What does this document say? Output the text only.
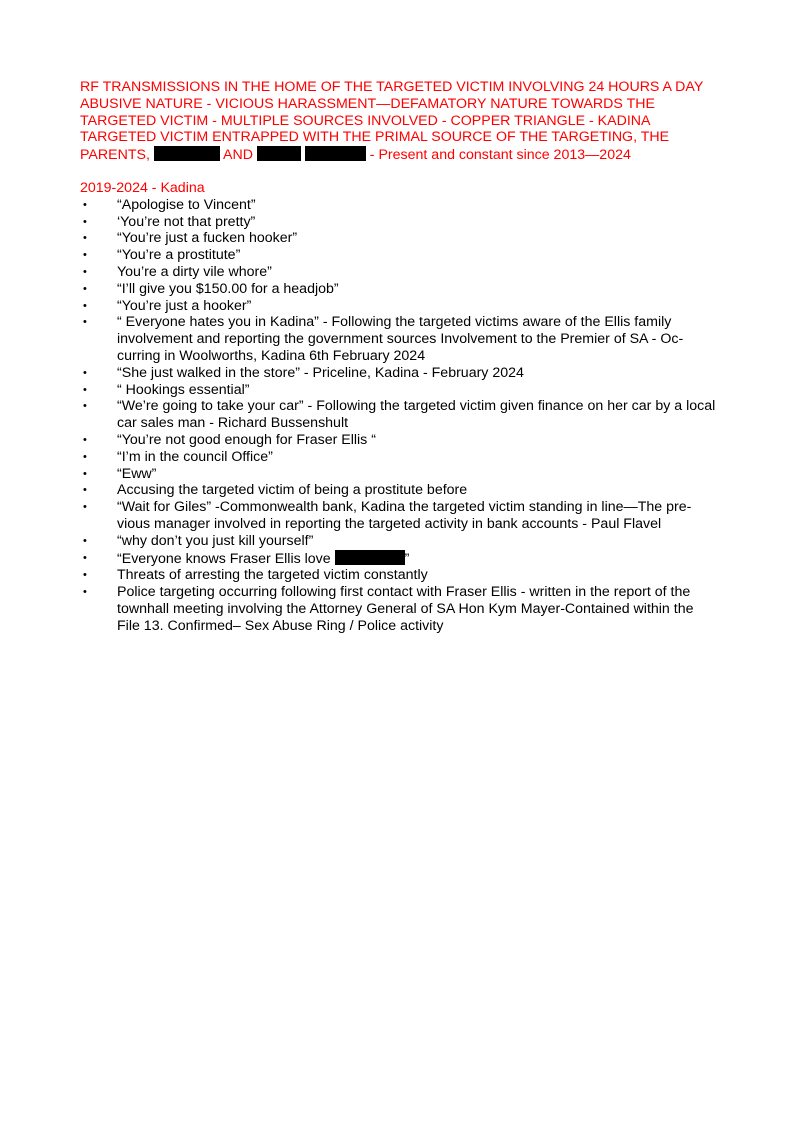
RF TRANSMISSIONS IN THE HOME OF THE TARGETED VICTIM INVOLVING 24 HOURS A DAY ABUSIVE NATURE - VICIOUS HARASSMENT—DEFAMATORY NATURE TOWARDS THE TARGETED VICTIM - MULTIPLE SOURCES INVOLVED - COPPER TRIANGLE - KADINA TARGETED VICTIM ENTRAPPED WITH THE PRIMAL SOURCE OF THE TARGETING, THE PARENTS,	AND	- Present and constant since 2013—2024

2019-2024 - Kadina

• “Apologise to Vincent”
• ‘You’re not that pretty”
• “You’re just a fucken hooker”
• “You’re a prostitute”
• You’re a dirty vile whore”
• “I’ll give you $150.00 for a headjob”
• “You’re just a hooker”
• “ Everyone hates you in Kadina” - Following the targeted victims aware of the Ellis family involvement and reporting the government sources Involvement to the Premier of SA - Oc-curring in Woolworths, Kadina 6th February 2024
• “She just walked in the store” - Priceline, Kadina - February 2024
• “ Hookings essential”
• “We’re going to take your car” - Following the targeted victim given finance on her car by a local car sales man - Richard Bussenshult
• “You’re not good enough for Fraser Ellis “
• “I’m in the council Office”
• “Eww”
• Accusing the targeted victim of being a prostitute before
• “Wait for Giles” -Commonwealth bank, Kadina the targeted victim standing in line—The pre-vious manager involved in reporting the targeted activity in bank accounts - Paul Flavel
• “why don’t you just kill yourself”
• “Everyone knows Fraser Ellis love	”
• Threats of arresting the targeted victim constantly
• Police targeting occurring following first contact with Fraser Ellis - written in the report of the townhall meeting involving the Attorney General of SA Hon Kym Mayer-Contained within the File 13. Confirmed– Sex Abuse Ring / Police activity
